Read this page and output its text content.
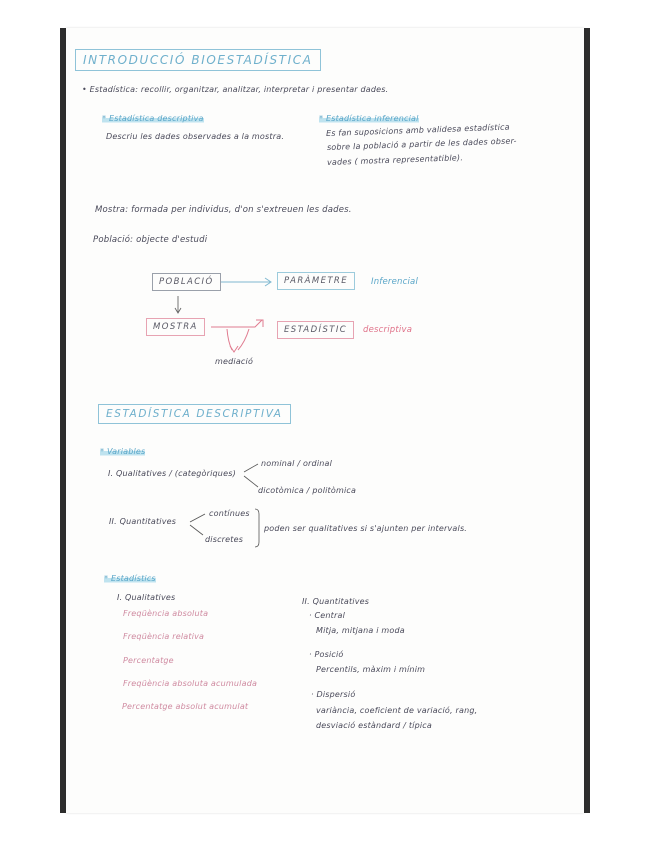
INTRODUCCIÓ BIOESTADÍSTICA
• Estadística: recollir, organitzar, analitzar, interpretar i presentar dades.
* Estadística descriptiva
Descriu les dades observades a la mostra.
* Estadística inferencial
Es fan suposicions amb validesa estadística
sobre la població a partir de les dades obser-
vades ( mostra representatible).
Mostra: formada per individus, d'on s'extreuen les dades.
Població: objecte d'estudi
POBLACIÓ	PARÀMETRE	Inferencial
MOSTRA	ESTADÍSTIC	descriptiva
mediació
ESTADÍSTICA DESCRIPTIVA
* Variables
I. Qualitatives / (categòriques)
nominal / ordinal
dicotòmica / politòmica
II. Quantitatives
contínues
discretes
poden ser qualitatives si s'ajunten per intervals.
* Estadístics
I. Qualitatives
Freqüència absoluta
Freqüència relativa
Percentatge
Freqüència absoluta acumulada
Percentatge absolut acumulat
II. Quantitatives
· Central
Mitja, mitjana i moda
· Posició
Percentils, màxim i mínim
· Dispersió
variància, coeficient de variació, rang,
desviació estàndard / típica
